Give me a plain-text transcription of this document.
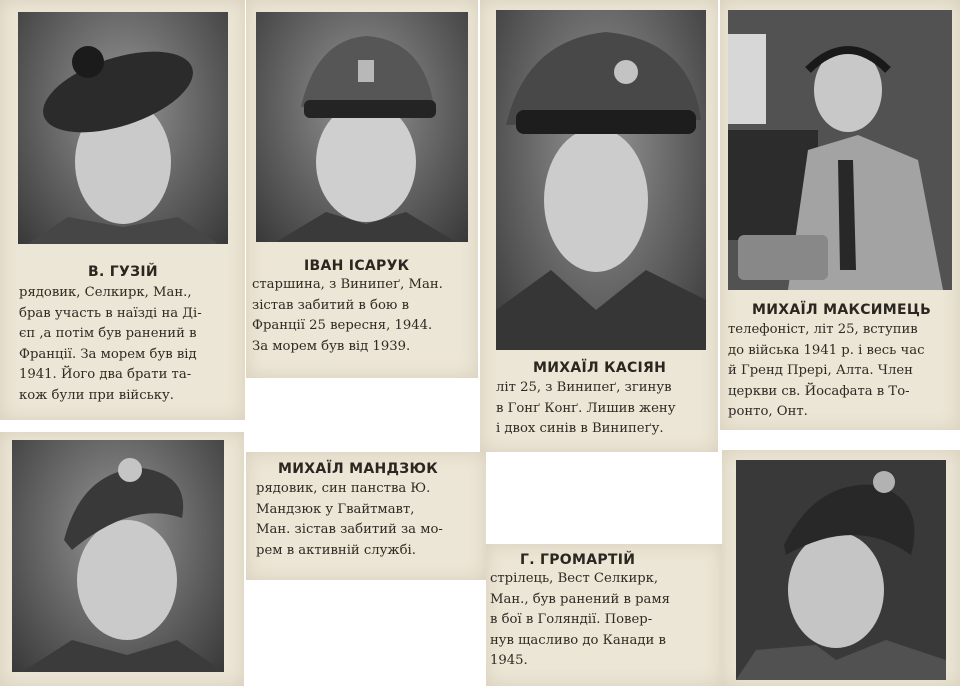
В. ГУЗІЙ
рядовик, Селкирк, Ман.,
брав участь в наїзді на Ді-
єп ,а потім був ранений в
Франції. За морем був від
1941. Його два брати та-
кож були при війську.
ІВАН ІСАРУК
старшина, з Винипеґ, Ман.
зістав забитий в бою в
Франції 25 вересня, 1944.
За морем був від 1939.
МИХАЇЛ КАСІЯН
літ 25, з Винипеґ, згинув
в Гонґ Конґ. Лишив жену
і двох синів в Винипеґу.
МИХАЇЛ МАКСИМЕЦЬ
телефоніст, літ 25, вступив
до війська 1941 р. і весь час
й Гренд Прері, Алта. Член
церкви св. Йосафата в То-
ронто, Онт.
МИХАЇЛ МАНДЗЮК
рядовик, син панства Ю.
Мандзюк у Гвайтмавт,
Ман. зістав забитий за мо-
рем в активній службі.
Г. ГРОМАРТІЙ
стрілець, Вест Селкирк,
Ман., був ранений в рамя
в бої в Голяндії. Повер-
нув щасливо до Канади в
1945.
